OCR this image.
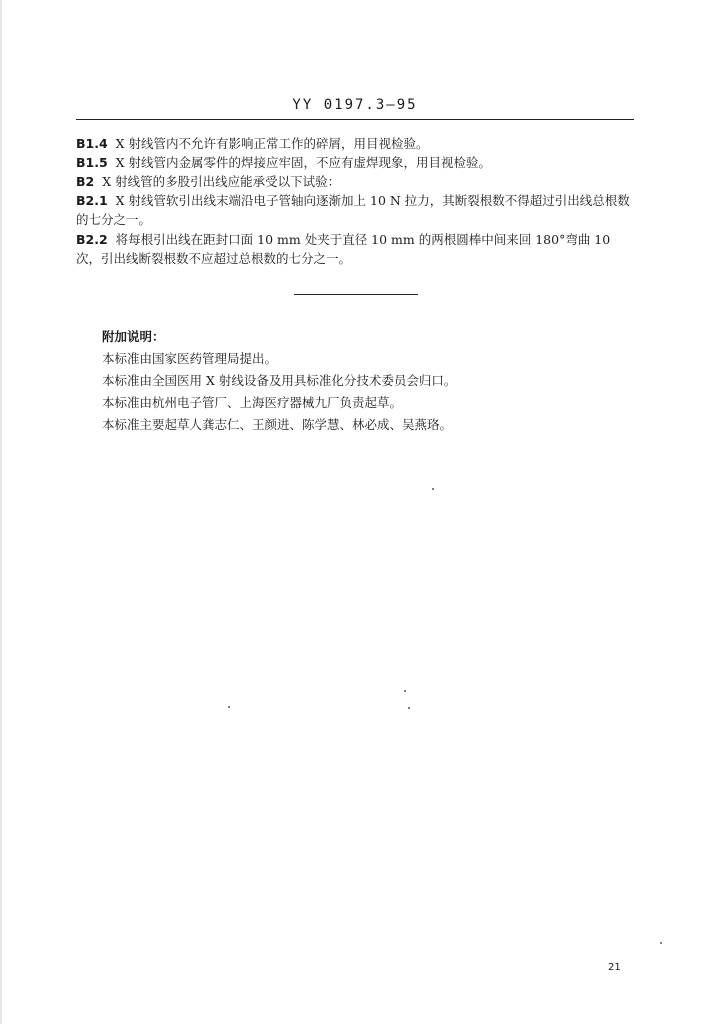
YY 0197.3—95
B1.4 X 射线管内不允许有影响正常工作的碎屑，用目视检验。
B1.5 X 射线管内金属零件的焊接应牢固，不应有虚焊现象，用目视检验。
B2 X 射线管的多股引出线应能承受以下试验：
B2.1 X 射线管软引出线末端沿电子管轴向逐渐加上 10 N 拉力，其断裂根数不得超过引出线总根数的七分之一。
B2.2 将每根引出线在距封口面 10 mm 处夹于直径 10 mm 的两根圆棒中间来回 180°弯曲 10 次，引出线断裂根数不应超过总根数的七分之一。
附加说明：
本标准由国家医药管理局提出。
本标准由全国医用 X 射线设备及用具标准化分技术委员会归口。
本标准由杭州电子管厂、上海医疗器械九厂负责起草。
本标准主要起草人龚志仁、王颜进、陈学慧、林必成、吴燕珞。
21
